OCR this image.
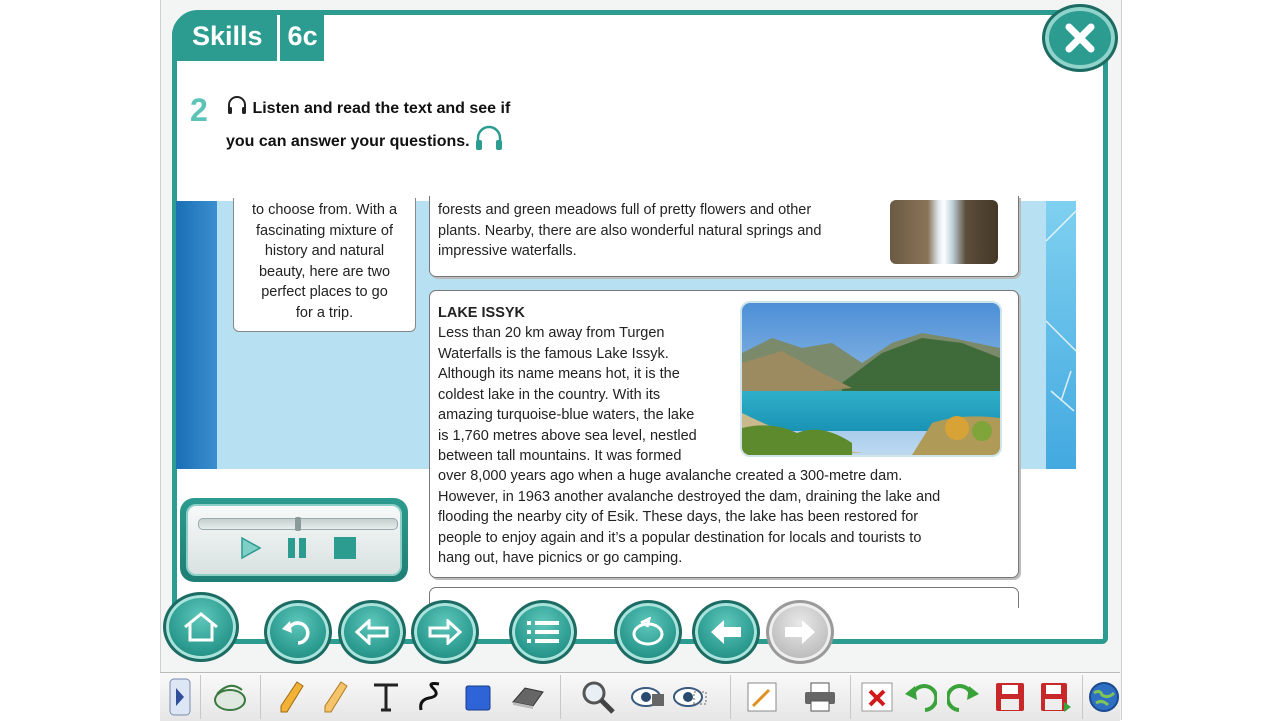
Skills 6c
2	Listen and read the text and see if
you can answer your questions.
to choose from. With a
fascinating mixture of
history and natural
beauty, here are two
perfect places to go
for a trip.
forests and green meadows full of pretty flowers and other
plants. Nearby, there are also wonderful natural springs and
impressive waterfalls.
LAKE ISSYK
Less than 20 km away from Turgen
Waterfalls is the famous Lake Issyk.
Although its name means hot, it is the
coldest lake in the country. With its
amazing turquoise-blue waters, the lake
is 1,760 metres above sea level, nestled
between tall mountains. It was formed
over 8,000 years ago when a huge avalanche created a 300-metre dam.
However, in 1963 another avalanche destroyed the dam, draining the lake and
flooding the nearby city of Esik. These days, the lake has been restored for
people to enjoy again and it’s a popular destination for locals and tourists to
hang out, have picnics or go camping.
